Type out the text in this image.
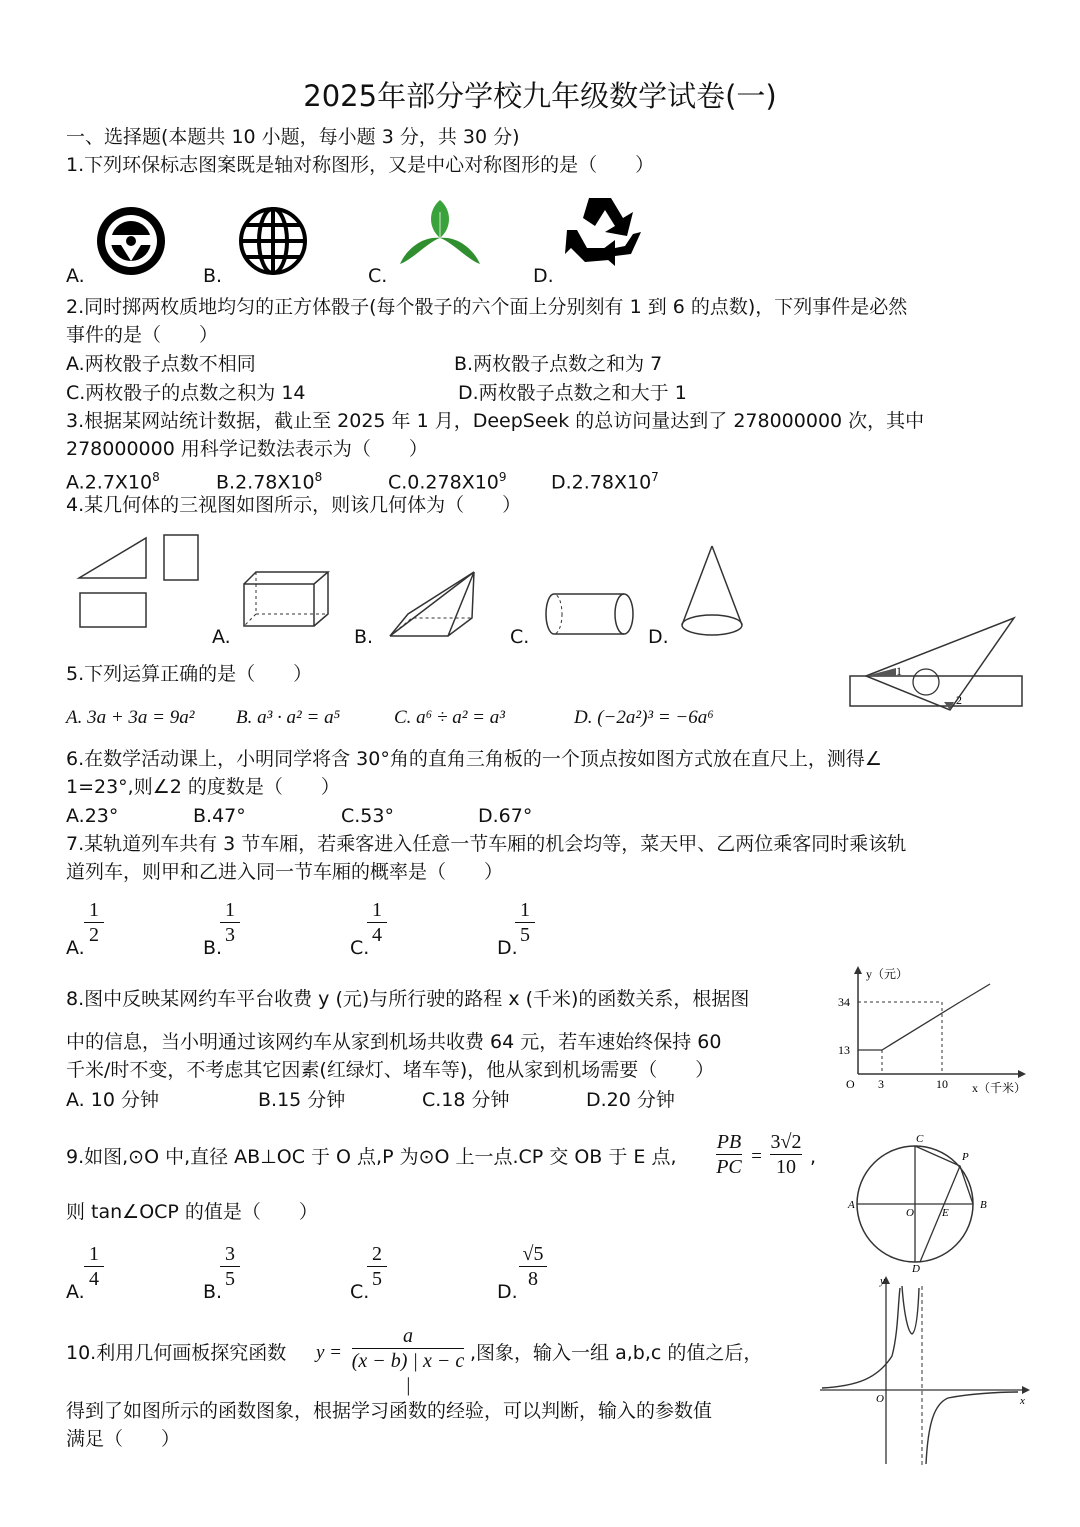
2025年部分学校九年级数学试卷(一)
一、选择题(本题共 10 小题，每小题 3 分，共 30 分)
1.下列环保标志图案既是轴对称图形，又是中心对称图形的是（　　）
A.	B.	C.	D.
2.同时掷两枚质地均匀的正方体骰子(每个骰子的六个面上分别刻有 1 到 6 的点数)，下列事件是必然
事件的是（　　）
A.两枚骰子点数不相同	B.两枚骰子点数之和为 7
C.两枚骰子的点数之积为 14	D.两枚骰子点数之和大于 1
3.根据某网站统计数据，截止至 2025 年 1 月，DeepSeek 的总访问量达到了 278000000 次，其中
278000000 用科学记数法表示为（　　）
$A.2.7X10^8$	$B.2.78X10^8$	$C.0.278X10^9$ $D.2.78X10^7$
4.某几何体的三视图如图所示，则该几何体为（　　）
A.	B.	C.	D.
5.下列运算正确的是（　　）
A. 3a + 3a = 9a² B. a³ · a² = a⁵	C. a⁶ ÷ a² = a³	D. (−2a²)³ = −6a⁶
1
2
6.在数学活动课上，小明同学将含 30°角的直角三角板的一个顶点按如图方式放在直尺上，测得∠
1=23°,则∠2 的度数是（　　）
A.23°	B.47°	C.53°	D.67°
7.某轨道列车共有 3 节车厢，若乘客进入任意一节车厢的机会均等，菜天甲、乙两位乘客同时乘该轨
道列车，则甲和乙进入同一节车厢的概率是（　　）
A.
1
2
B.
1
3
C.
1
4
D.
1
5
8.图中反映某网约车平台收费 y (元)与所行驶的路程 x (千米)的函数关系，根据图
中的信息，当小明通过该网约车从家到机场共收费 64 元，若车速始终保持 60
千米/时不变，不考虑其它因素(红绿灯、堵车等)，他从家到机场需要（　　）
A. 10 分钟	B.15 分钟	C.18 分钟	D.20 分钟
y（元）
x（千米）
O 3	10
13
34
9.如图,⊙O 中,直径 AB⊥OC 于 O 点,P 为⊙O 上一点.CP 交 OB 于 E 点,
PB
PC =
3√2
10 ,
则 tan∠OCP 的值是（　　）
A.
1
4
B.
3
5
C.
2
5
D.
√5
8
C
P
A	B
O	E
D
10.利用几何画板探究函数 y =
a
(x − b) | x − c |
,图象，输入一组 a,b,c 的值之后，
得到了如图所示的函数图象，根据学习函数的经验，可以判断，输入的参数值
满足（　　）
y
x
O
